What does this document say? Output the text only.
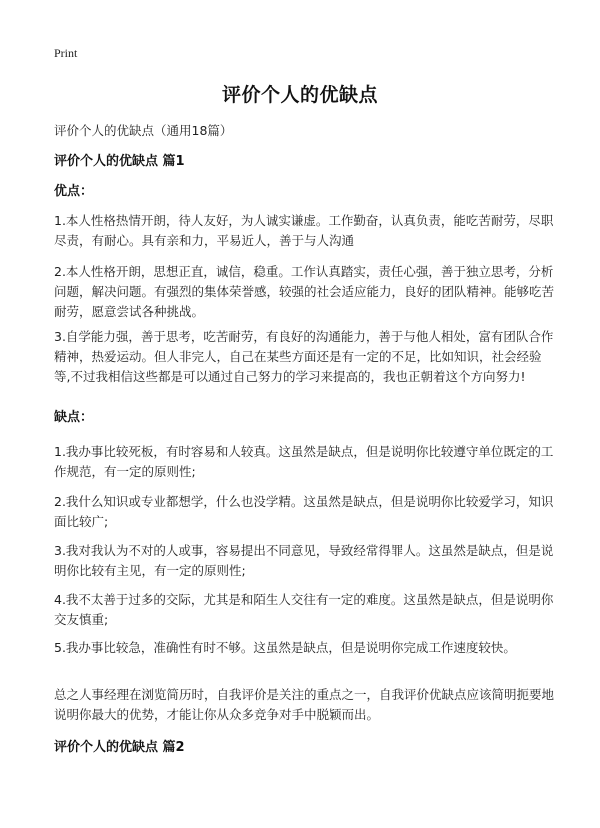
Print
评价个人的优缺点
评价个人的优缺点（通用18篇）
评价个人的优缺点 篇1
优点：

1.本人性格热情开朗，待人友好，为人诚实谦虚。工作勤奋，认真负责，能吃苦耐劳，尽职尽责，有耐心。具有亲和力，平易近人，善于与人沟通

2.本人性格开朗，思想正直，诚信，稳重。工作认真踏实，责任心强，善于独立思考，分析问题，解决问题。有强烈的集体荣誉感，较强的社会适应能力，良好的团队精神。能够吃苦耐劳，愿意尝试各种挑战。

3.自学能力强，善于思考，吃苦耐劳，有良好的沟通能力，善于与他人相处，富有团队合作精神，热爱运动。但人非完人，自己在某些方面还是有一定的不足，比如知识，社会经验等,不过我相信这些都是可以通过自己努力的学习来提高的，我也正朝着这个方向努力!

缺点：

1.我办事比较死板，有时容易和人较真。这虽然是缺点，但是说明你比较遵守单位既定的工作规范，有一定的原则性;

2.我什么知识或专业都想学，什么也没学精。这虽然是缺点，但是说明你比较爱学习，知识面比较广;

3.我对我认为不对的人或事，容易提出不同意见，导致经常得罪人。这虽然是缺点，但是说明你比较有主见，有一定的原则性;

4.我不太善于过多的交际，尤其是和陌生人交往有一定的难度。这虽然是缺点，但是说明你交友慎重;

5.我办事比较急，准确性有时不够。这虽然是缺点，但是说明你完成工作速度较快。

总之人事经理在浏览简历时，自我评价是关注的重点之一，自我评价优缺点应该简明扼要地说明你最大的优势，才能让你从众多竞争对手中脱颖而出。

评价个人的优缺点 篇2
